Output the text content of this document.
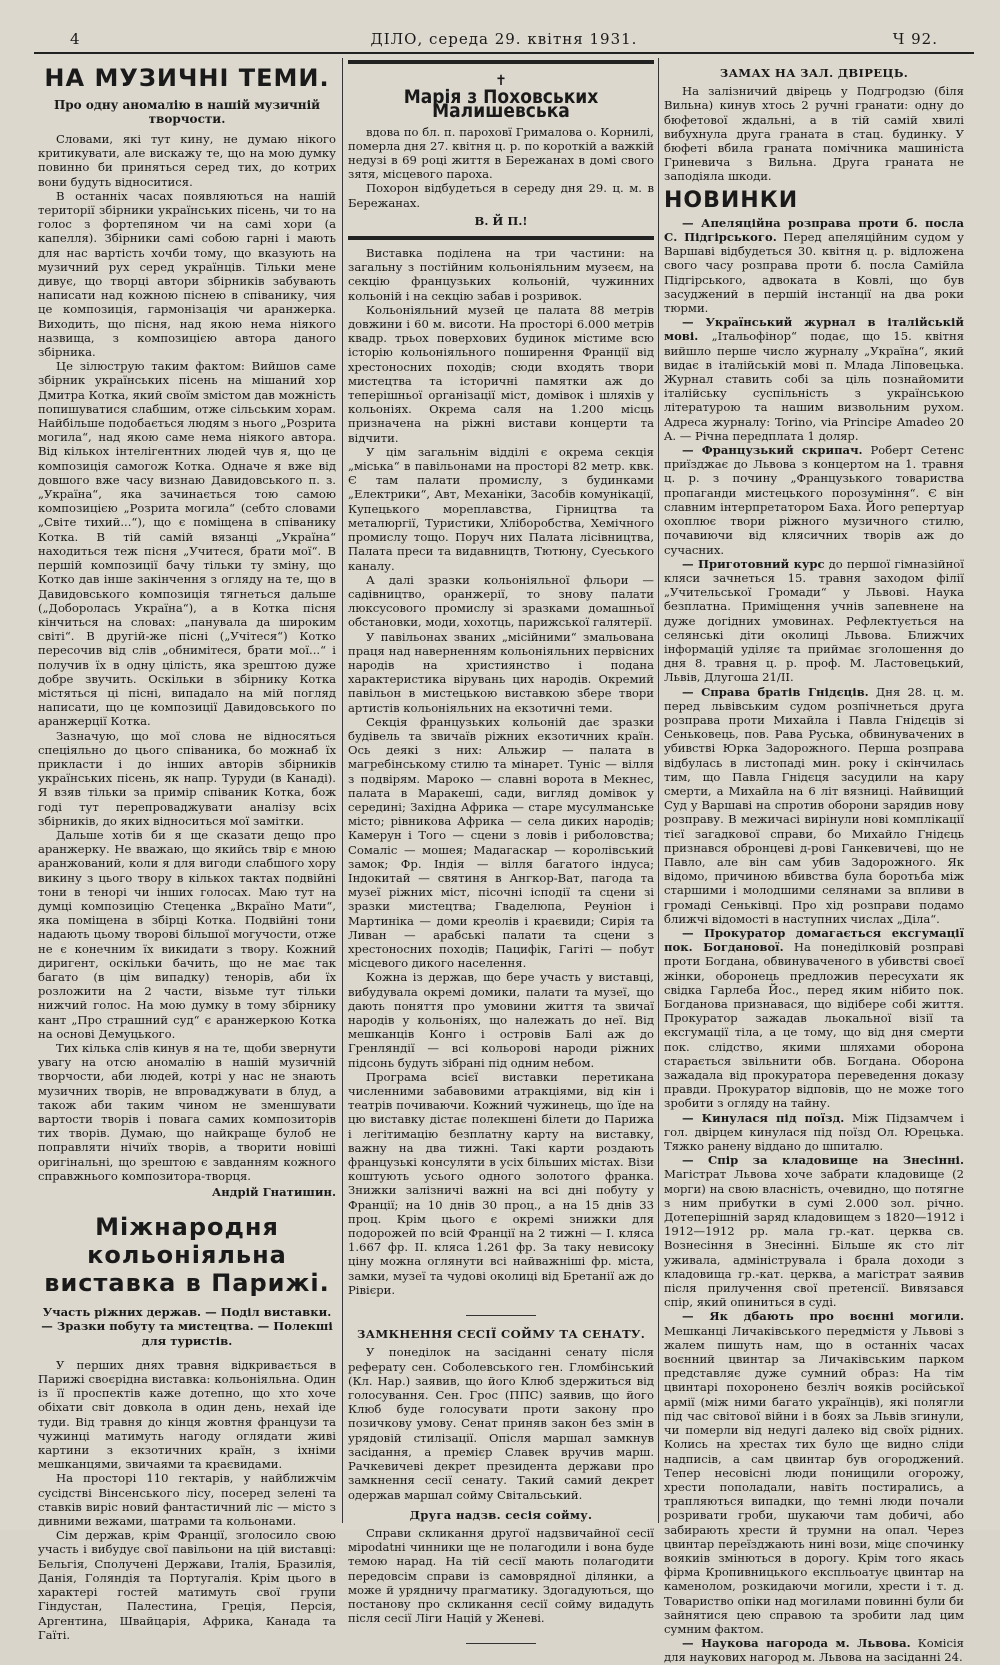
4	ДІЛО, середа 29. квітня 1931.	Ч 92.
НА МУЗИЧНІ ТЕМИ.
Про одну аномалію в нашій музичній творчости.

Словами, які тут кину, не думаю нікого критикувати, але вискажу те, що на мою думку повинно би приняться серед тих, до котрих вони будуть відноситися.

В останніх часах появляються на нашій території збірники українських пісень, чи то на голос з фортепяном чи на самі хори (а капелля). Збірники самі собою гарні і мають для нас вартість хочби тому, що вказують на музичний рух серед українців. Тільки мене дивує, що творці автори збірників забувають написати над кожною піснею в співанику, чия це композиція, гармонізація чи аранжерка. Виходить, що пісня, над якою нема ніякого назвища, з композицією автора даного збірника.

Це зілюструю таким фактом: Вийшов саме збірник українських пісень на мішаний хор Дмитра Котка, який своїм змістом дав можність попишуватися слабшим, отже сільським хорам. Найбільше подобається людям з нього „Розрита могила“, над якою саме нема ніякого автора. Від кількох інтелігентних людей чув я, що це композиція самогож Котка. Одначе я вже від довшого вже часу визнаю Давидовського п. з. „Україна“, яка зачинається тою самою композицією „Розрита могила“ (себто словами „Світе тихий...“), що є поміщена в співанику Котка. В тій самій вязанці „Україна“ находиться теж пісня „Учитеся, брати мої“. В першій композиції бачу тільки ту зміну, що Котко дав інше закінчення з огляду на те, що в Давидовського композиція тягнеться дальше („Доборолась Україна“), а в Котка пісня кінчиться на словах: „панувала да широким світі“. В другій-же пісні („Учітеся“) Котко пересочив від слів „обнимітеся, брати мої...“ і получив їх в одну цілість, яка зрештою дуже добре звучить. Оскільки в збірнику Котка містяться ці пісні, випадало на мій погляд написати, що це композиції Давидовського по аранжерції Котка.

Зазначую, що мої слова не відносяться спеціяльно до цього співаника, бо можнаб їх прикласти і до інших авторів збірників українських пісень, як напр. Туруди (в Канаді). Я взяв тільки за примір співаник Котка, бож годі тут перепроваджувати аналізу всіх збірників, до яких відноситься мої замітки.

Дальше хотів би я ще сказати дещо про аранжерку. Не вважаю, що якийсь твір є мною аранжований, коли я для вигоди слабшого хору викину з цього твору в кількох тактах подвійні тони в тенорі чи інших голосах. Маю тут на думці композицію Стеценка „Вкраїно Мати“, яка поміщена в збірці Котка. Подвійні тони надають цьому творові більшої могучости, отже не є конечним їх викидати з твору. Кожний диригент, оскільки бачить, що не має так багато (в цім випадку) тенорів, аби їх розложити на 2 части, візьме тут тільки нижчий голос. На мою думку в тому збірнику кант „Про страшний суд“ є аранжеркою Котка на основі Демуцького.

Тих кілька слів кинув я на те, щоби звернути увагу на отсю аномалію в нашій музичній творчости, аби людей, котрі у нас не знають музичних творів, не впроваджувати в блуд, а також аби таким чином не зменшувати вартости творів і повага самих композиторів тих творів. Думаю, що найкраще булоб не поправляти нічиїх творів, а творити новіші оригінальні, що зрештою є завданням кожного справжнього композитора-творця.

Андрій Гнатишин.
Міжнародня кольоніяльна виставка в Парижі.
Участь ріжних держав. — Поділ виставки. — Зразки побуту та мистецтва. — Полекші для туристів.

У перших днях травня відкривається в Парижі своєрідна виставка: кольоніяльна. Один із її проспектів каже дотепно, що хто хоче обіхати світ довкола в один день, нехай іде туди. Від травня до кінця жовтня французи та чужинці матимуть нагоду оглядати живі картини з екзотичних країн, з іхніми мешканцями, звичаями та краєвидами.

На просторі 110 гектарів, у найближчім сусідстві Вінсенського лісу, посеред зелені та ставків виріс новий фантастичний ліс — місто з дивними вежами, шатрами та кольонами.

Сім держав, крім Франції, зголосило свою участь і вибудує свої павільони на цій виставці: Бельгія, Сполучені Держави, Італія, Бразилія, Данія, Голяндія та Португалія. Крім цього в характері гостей матимуть свої групи Гіндустан, Палестина, Греція, Персія, Аргентина, Швайцарія, Африка, Канада та Гаїті.

✝
Марія з Поховських Малишевська

вдова по бл. п. пароховї Грималова о. Корнилі, померла дня 27. квітня ц. р. по короткій а важкій недузі в 69 році життя в Бережанах в домі свого зятя, місцевого пароха.

Похорон відбудеться в середу дня 29. ц. м. в Бережанах.

В. Й П.!

Виставка поділена на три частини: на загальну з постійним кольоніяльним музеєм, на секцію французьких кольоній, чужинних кольоній і на секцію забав і розривок.

Кольоніяльний музей це палата 88 метрів довжини і 60 м. висоти. На просторі 6.000 метрів квадр. трьох поверхових будинок містиме всю історію кольоніяльного поширення Франції від хрестоносних походів; сюди входять твори мистецтва та історичні памятки аж до теперішньої організації міст, домівок і шляхів у кольоніях. Окрема саля на 1.200 місць призначена на ріжні вистави концерти та відчити.

У цім загальнім відділі є окрема секція „міська“ в павільонами на просторі 82 метр. квк. Є там палати промислу, з будинками „Електрики“, Авт, Механіки, Засобів комунікації, Купецького мореплавства, Гірництва та металюргії, Туристики, Хліборобства, Хемічного промислу тощо. Поруч них Палата лісівництва, Палата преси та видавництв, Тютюну, Суеського каналу.

А далі зразки кольоніяльної фльори — садівництво, оранжерії, то знову палати люксусового промислу зі зразками домашньої обстановки, моди, хохотць, парижської галятерії.

У павільонах званих „місійними“ змальована праця над наверненням кольоніяльних первісних народів на християнство і подана характеристика вірувань цих народів. Окремий павільон в мистецькою виставкою збере твори артистів кольоніяльних на екзотичні теми.

Секція французьких кольоній дає зразки будівель та звичаїв ріжних екзотичних країн. Ось деякі з них: Альжир — палата в магребінському стилю та мінарет. Туніс — вілля з подвірям. Мароко — славні ворота в Мекнес, палата в Маракеші, сади, вигляд домівок у середині; Західна Африка — старе мусулманське місто; рівникова Африка — села диких народів; Камерун і Того — сцени з ловів і риболовства; Сомаліс — мошея; Мадагаскар — королівський замок; Фр. Індія — вілля багатого індуса; Індокитай — святиня в Ангкор-Ват, пагода та музеї ріжних міст, пісочні ісподії та сцени зі зразки мистецтва; Гваделюпа, Реуніон і Мартиніка — доми креолів і краєвиди; Сирія та Ливан — арабські палати та сцени з хрестоносних походів; Пацифік, Гагіті — побут місцевого дикого населення.

Кожна із держав, що бере участь у виставці, вибудувала окремі домики, палати та музеї, що дають поняття про умовини життя та звичаї народів у кольоніях, що належать до неї. Від мешканців Конго і островів Балі аж до Гренляндії — всі кольорові народи ріжних підсонь будуть зібрані під одним небом.

Програма всієї виставки перетикана численними забавовими атракціями, від кін і театрів почиваючи. Кожний чужинець, що їде на цю виставку дістає полекшені білети до Парижа і легітимацію безплатну карту на виставку, важну на два тижні. Такі карти роздають французькі консуляти в усіх більших містах. Візи коштують усього одного золотого франка. Знижки залізничі важні на всі дні побуту у Франції; на 10 днів 30 проц., а на 15 днів 33 проц. Крім цього є окремі знижки для подорожей по всій Франції на 2 тижні — І. кляса 1.667 фр. II. кляса 1.261 фр. За таку невисоку ціну можна оглянути всі найважніші фр. міста, замки, музеї та чудові околиці від Бретанії аж до Рівієри.

ЗАМКНЕННЯ СЕСІЇ СОЙМУ ТА СЕНАТУ.

У понеділок на засіданні сенату після реферату сен. Соболевського ген. Гломбінський (Кл. Нар.) заявив, що його Клюб здержиться від голосування. Сен. Грос (ППС) заявив, що його Клюб буде голосувати проти закону про позичкову умову. Сенат приняв закон без змін в урядовій стилізації. Опісля маршал замкнув засідання, а премієр Славек вручив марш. Рачкевичеві декрет президента держави про замкнення сесії сенату. Такий самий декрет одержав маршал сойму Світальський.

Друга надзв. сесія сойму.

Справи скликання другої надзвичайної сесії мірodatні чинники ще не полагодили і вона буде темою нарад. На тій сесії мають полагодити передовсім справи із самоврядної ділянки, а може й урядничу прагматику. Здогадуються, що постанову про скликання сесії сойму видадуть після сесії Ліги Націй у Женеві.

ЗАМАХ НА ЗАЛ. ДВІРЕЦЬ.

На залізничий двірець у Подгродзю (біля Вильна) кинув хтось 2 ручні гранати: одну до бюфетової ждальні, а в тій самій хвилі вибухнула друга граната в стац. будинку. У бюфеті вбила граната помічника машиніста Гриневича з Вильна. Друга граната не заподіяла шкоди.

НОВИНКИ

— Апеляційна розправа проти б. посла С. Підгірського. Перед апеляційним судом у Варшаві відбудеться 30. квітня ц. р. відложена свого часу розправа проти б. посла Самійла Підгірського, адвоката в Ковлі, що був засуджений в першій інстанції на два роки тюрми.

— Український журнал в італійській мові. „Італьофінор“ подає, що 15. квітня вийшло перше число журналу „Україна“, який видає в італійській мові п. Млада Ліповецька. Журнал ставить собі за ціль познайомити італійську суспільність з українською літературою та нашим визвольним рухом. Адреса журналу: Torino, via Principe Amadeo 20 A. — Річна передплата 1 доляр.

— Французький скрипач. Роберт Сетенс приїзджає до Львова з концертом на 1. травня ц. р. з почину „Французького товариства пропаганди мистецького порозуміння“. Є він славним інтерпретатором Баха. Його репертуар охоплює твори ріжного музичного стилю, почавиючи від клясичних творів аж до сучасних.

— Приготовний курс до першої гімназійної кляси зачнеться 15. травня заходом філії „Учительської Громади“ у Львові. Наука безплатна. Приміщення учнів запевнене на дуже догідних умовинах. Рефлектується на селянські діти околиці Львова. Ближчих інформацій уділяє та приймає зголошення до дня 8. травня ц. р. проф. М. Ластовецький, Львів, Длугоша 21/II.

— Справа братів Гнідєців. Дня 28. ц. м. перед львівським судом розпічнеться друга розправа проти Михайла і Павла Гнідєців зі Сеньковець, пов. Рава Руська, обвинувачених в убивстві Юрка Задорожного. Перша розправа відбулась в листопаді мин. року і скінчилась тим, що Павла Гнідєця засудили на кару смерти, а Михайла на 6 літ вязниці. Найвищий Суд у Варшаві на спротив оборони зарядив нову розправу. В межичасі вирінули нові комплікації тієї загадкової справи, бо Михайло Гнідєць признався обронцеві д-рові Ганкевичеві, що не Павло, але він сам убив Задорожного. Як відомо, причиною вбивства була боротьба між старшими і молодшими селянами за впливи в громаді Сеньківці. Про хід розправи подамо ближчі відомості в наступних числах „Діла“.

— Прокуратор домагається ексгумації пок. Богданової. На понеділковій розправі проти Богдана, обвинуваченого в убивстві своєї жінки, оборонець предложив пересухати як свідка Гарлеба Йос., перед яким нібито пок. Богданова признавася, що відібере собі життя. Прокуратор зажадав льокальної візії та ексгумації тіла, а це тому, що від дня смерти пок. слідство, якими шляхами оборона старається звільнити обв. Богдана. Оборона зажадала від прокуратора переведення доказу правди. Прокуратор відповів, що не може того зробити з огляду на тайну.

— Кинулася під поїзд. Між Підзамчем і гол. двірцем кинулася під поїзд Ол. Юрецька. Тяжко ранену віддано до шпиталю.

— Спір за кладовище на Знесінні. Магістрат Львова хоче забрати кладовище (2 морги) на свою власність, очевидно, що потягне з ним прибутки в сумі 2.000 зол. річно. Дотеперішній заряд кладовищем з 1820—1912 і 1912—1912 рр. мала гр.-кат. церква св. Вознесіння в Знесінні. Більше як сто літ уживала, адмініструвала і брала доходи з кладовища гр.-кат. церква, а магістрат заявив після прилучення свої претенсії. Вивязався спір, який опиниться в суді.

— Як дбають про воєнні могили. Мешканці Личаківського передмістя у Львові з жалем пишуть нам, що в останніх часах воєнний цвинтар за Личаківським парком представляє дуже сумний образ: На тім цвинтарі похоронено безліч вояків російської армії (між ними багато українців), які полягли під час світової війни і в боях за Львів згинули, чи померли від недугі далеко від своїх рідних. Колись на хрестах тих було ще видно сліди надписів, а сам цвинтар був огороджений. Тепер несовісні люди понищили огорожу, хрести пополадали, навіть постирались, а трапляються випадки, що темні люди почали розривати гроби, шукаючи там добичі, або забирають хрести й трумни на опал. Через цвинтар переїзджають нині вози, міцє спочинку воякиів змінються в дорогу. Крім того якась фірма Кропивницького експльоатує цвинтар на каменолом, розкидаючи могили, хрести і т. д. Товариство опіки над могилами повинні були би зайнятися цею справою та зробити лад цим сумним фактом.

— Наукова нагорода м. Львова. Комісія для наукових нагород м. Львова на засіданні 24.
